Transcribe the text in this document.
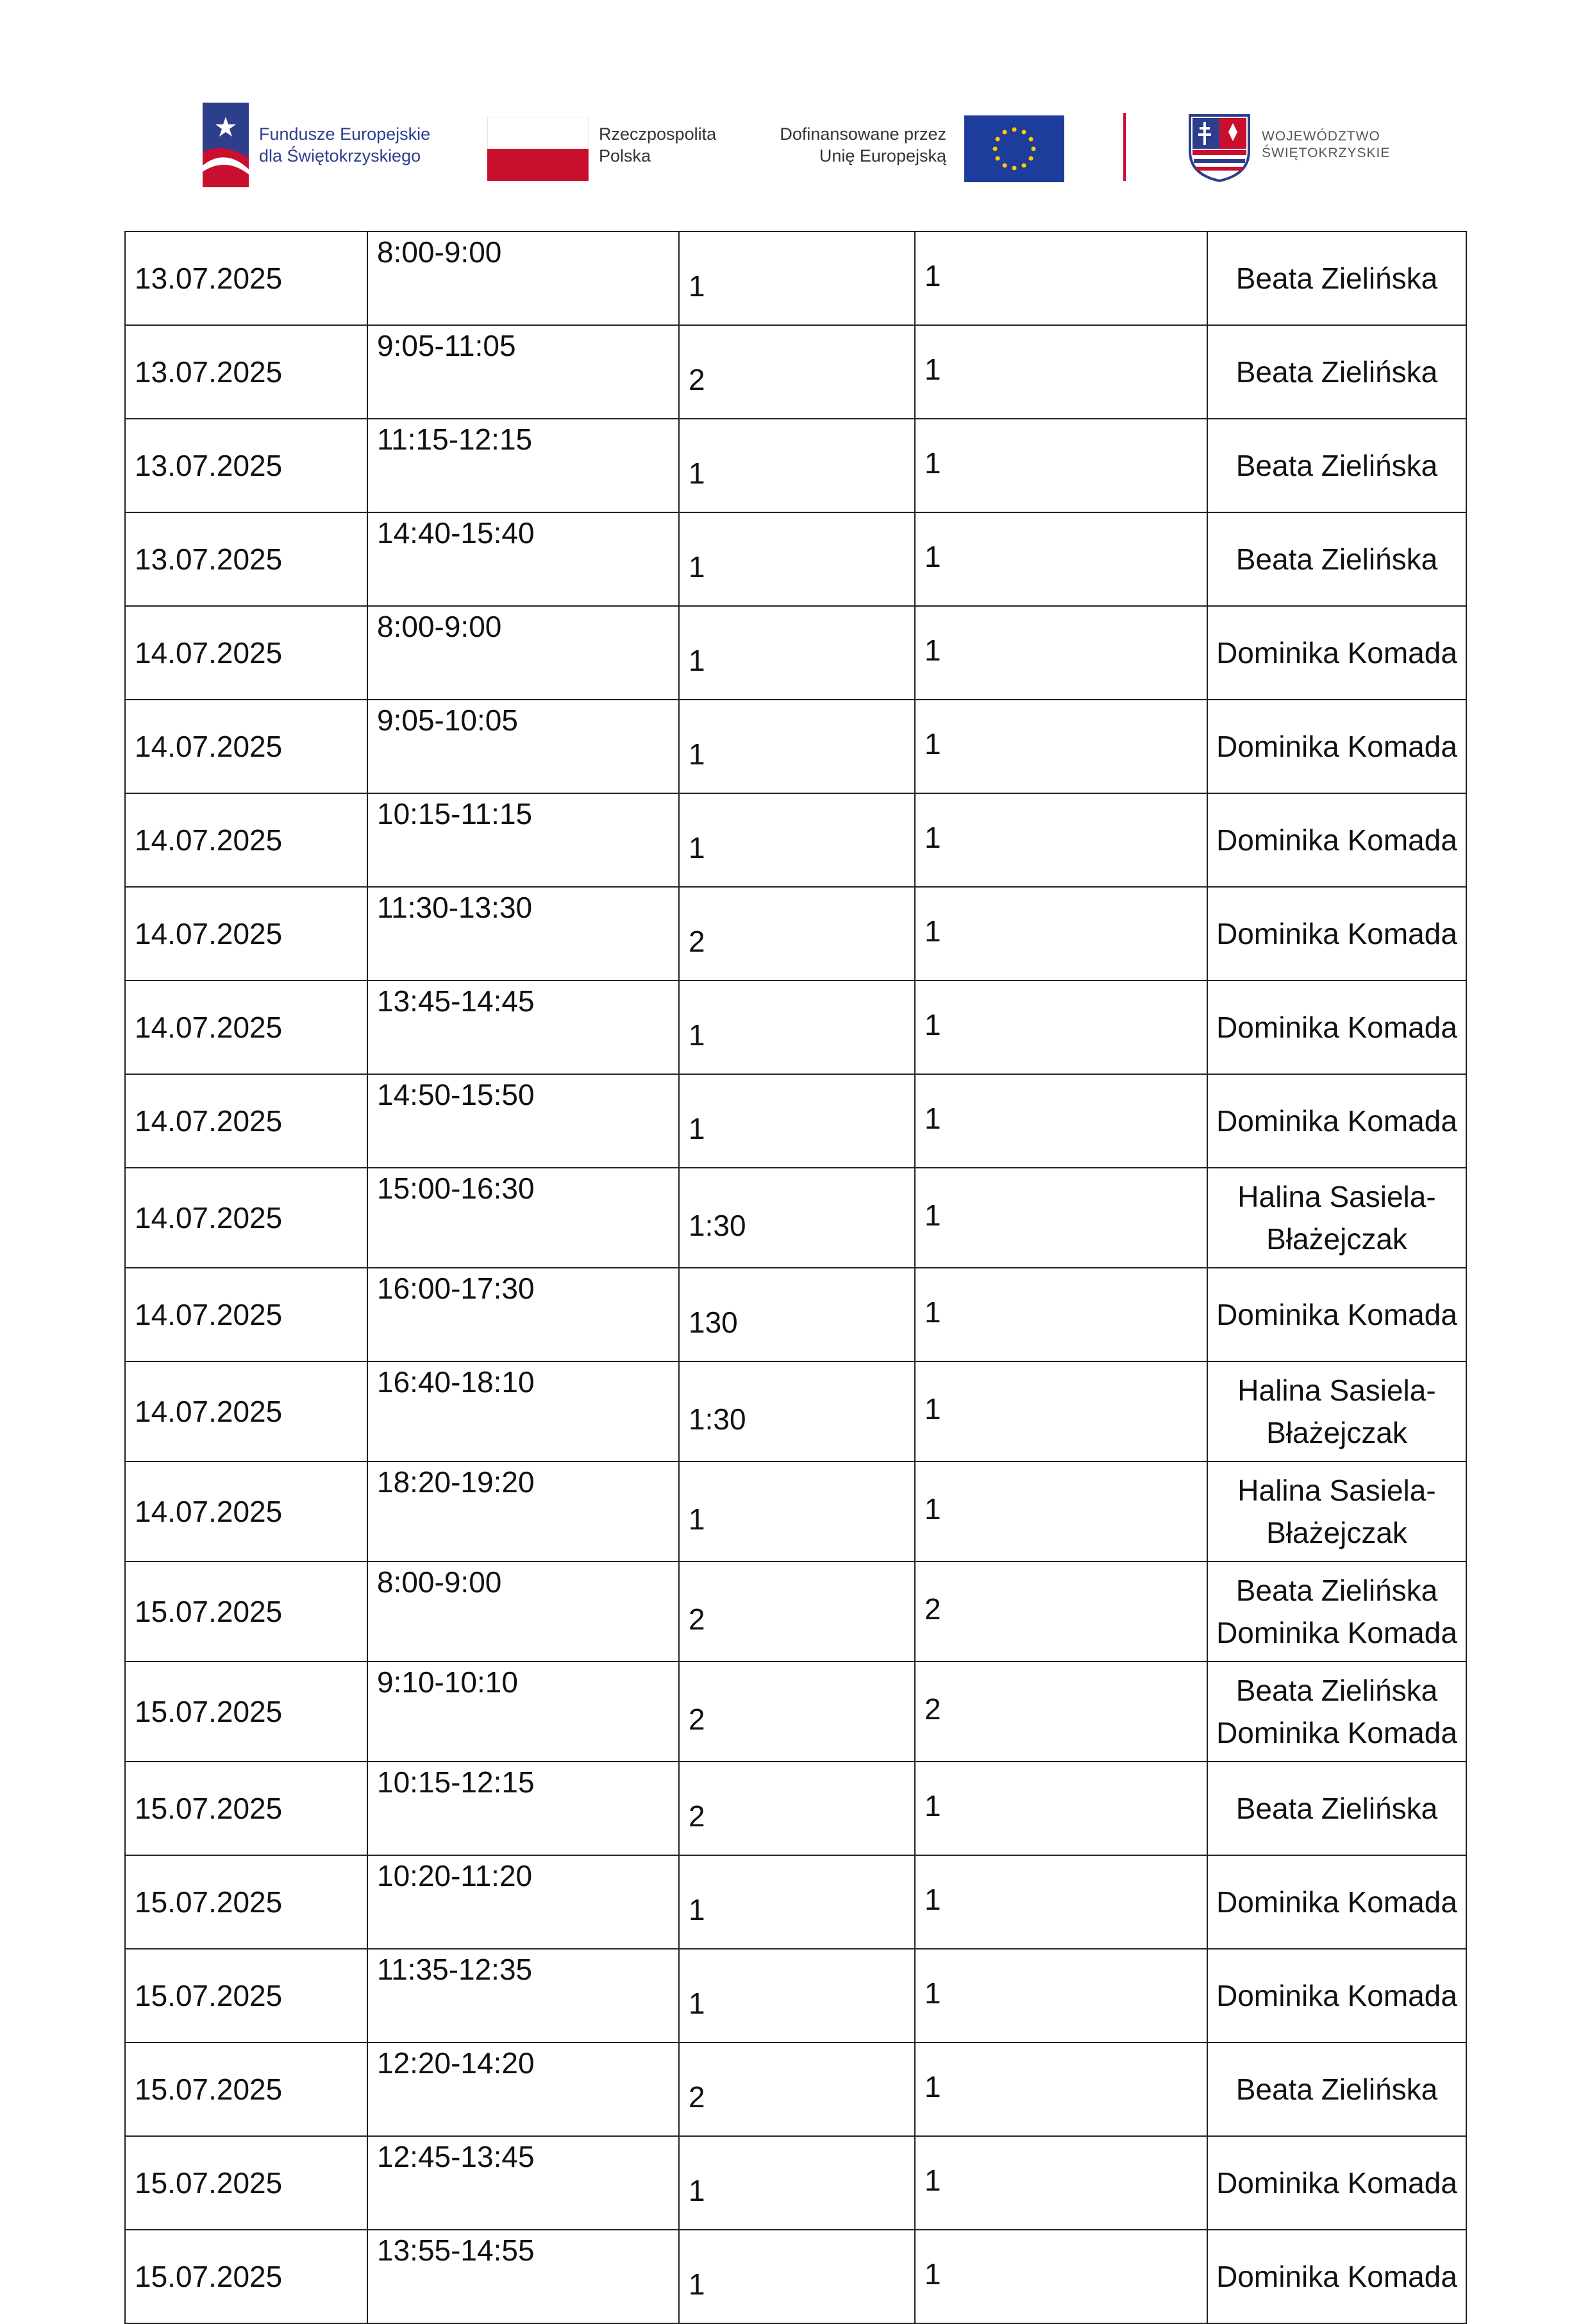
Fundusze Europejskie
dla Świętokrzyskiego
Rzeczpospolita
Polska
Dofinansowane przez
Unię Europejską
WOJEWÓDZTWO
ŚWIĘTOKRZYSKIE
13.07.2025	8:00-9:00	1	1	Beata Zielińska

13.07.2025	9:05-11:05	2	1	Beata Zielińska

13.07.2025	11:15-12:15	1	1	Beata Zielińska

13.07.2025	14:40-15:40	1	1	Beata Zielińska

14.07.2025	8:00-9:00	1	1	Dominika Komada

14.07.2025	9:05-10:05	1	1	Dominika Komada

14.07.2025	10:15-11:15	1	1	Dominika Komada

14.07.2025	11:30-13:30	2	1	Dominika Komada

14.07.2025	13:45-14:45	1	1	Dominika Komada

14.07.2025	14:50-15:50	1	1	Dominika Komada

14.07.2025	15:00-16:30	1:30	1	Halina Sasiela-
Błażejczak

14.07.2025	16:00-17:30	130	1	Dominika Komada

14.07.2025	16:40-18:10	1:30	1	Halina Sasiela-
Błażejczak

14.07.2025	18:20-19:20	1	1	Halina Sasiela-
Błażejczak

15.07.2025	8:00-9:00	2	2	Beata Zielińska
Dominika Komada

15.07.2025	9:10-10:10	2	2	Beata Zielińska
Dominika Komada

15.07.2025	10:15-12:15	2	1	Beata Zielińska

15.07.2025	10:20-11:20	1	1	Dominika Komada

15.07.2025	11:35-12:35	1	1	Dominika Komada

15.07.2025	12:20-14:20	2	1	Beata Zielińska

15.07.2025	12:45-13:45	1	1	Dominika Komada

15.07.2025	13:55-14:55	1	1	Dominika Komada
